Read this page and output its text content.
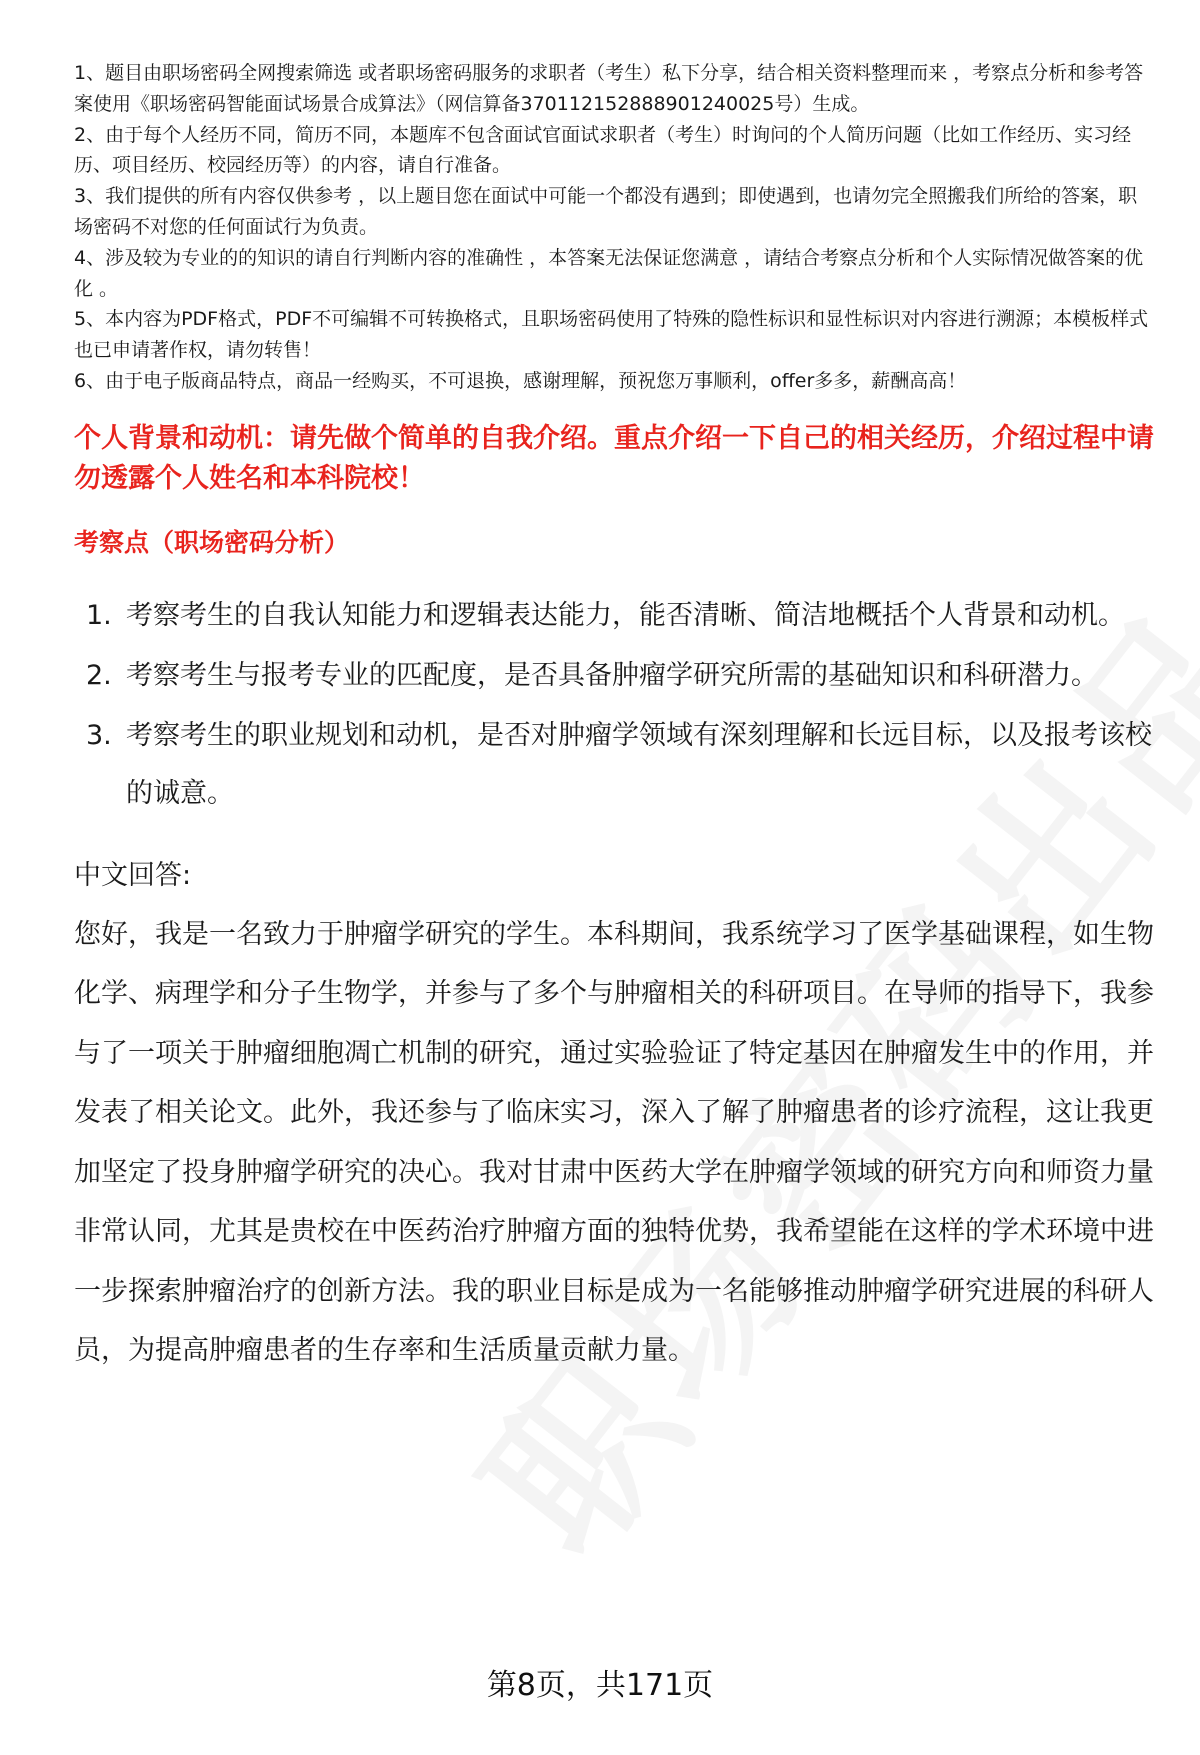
1、题目由职场密码全网搜索筛选 或者职场密码服务的求职者（考生）私下分享，结合相关资料整理而来 ，考察点分析和参考答案使用《职场密码智能面试场景合成算法》（网信算备370112152888901240025号）生成。

2、由于每个人经历不同，简历不同，本题库不包含面试官面试求职者（考生）时询问的个人简历问题（比如工作经历、实习经历、项目经历、校园经历等）的内容，请自行准备。

3、我们提供的所有内容仅供参考 ，以上题目您在面试中可能一个都没有遇到；即使遇到，也请勿完全照搬我们所给的答案，职场密码不对您的任何面试行为负责。

4、涉及较为专业的的知识的请自行判断内容的准确性 ，本答案无法保证您满意 ，请结合考察点分析和个人实际情况做答案的优化 。

5、本内容为PDF格式，PDF不可编辑不可转换格式，且职场密码使用了特殊的隐性标识和显性标识对内容进行溯源；本模板样式也已申请著作权，请勿转售！

6、由于电子版商品特点，商品一经购买，不可退换，感谢理解，预祝您万事顺利，offer多多，薪酬高高！

个人背景和动机：请先做个简单的自我介绍。重点介绍一下自己的相关经历，介绍过程中请勿透露个人姓名和本科院校！
考察点（职场密码分析）
1. 考察考生的自我认知能力和逻辑表达能力，能否清晰、简洁地概括个人背景和动机。
2. 考察考生与报考专业的匹配度，是否具备肿瘤学研究所需的基础知识和科研潜力。
3. 考察考生的职业规划和动机，是否对肿瘤学领域有深刻理解和长远目标，以及报考该校的诚意。
中文回答:
您好，我是一名致力于肿瘤学研究的学生。本科期间，我系统学习了医学基础课程，如生物化学、病理学和分子生物学，并参与了多个与肿瘤相关的科研项目。在导师的指导下，我参与了一项关于肿瘤细胞凋亡机制的研究，通过实验验证了特定基因在肿瘤发生中的作用，并发表了相关论文。此外，我还参与了临床实习，深入了解了肿瘤患者的诊疗流程，这让我更加坚定了投身肿瘤学研究的决心。我对甘肃中医药大学在肿瘤学领域的研究方向和师资力量非常认同，尤其是贵校在中医药治疗肿瘤方面的独特优势，我希望能在这样的学术环境中进一步探索肿瘤治疗的创新方法。我的职业目标是成为一名能够推动肿瘤学研究进展的科研人员，为提高肿瘤患者的生存率和生活质量贡献力量。
第8页，共171页
